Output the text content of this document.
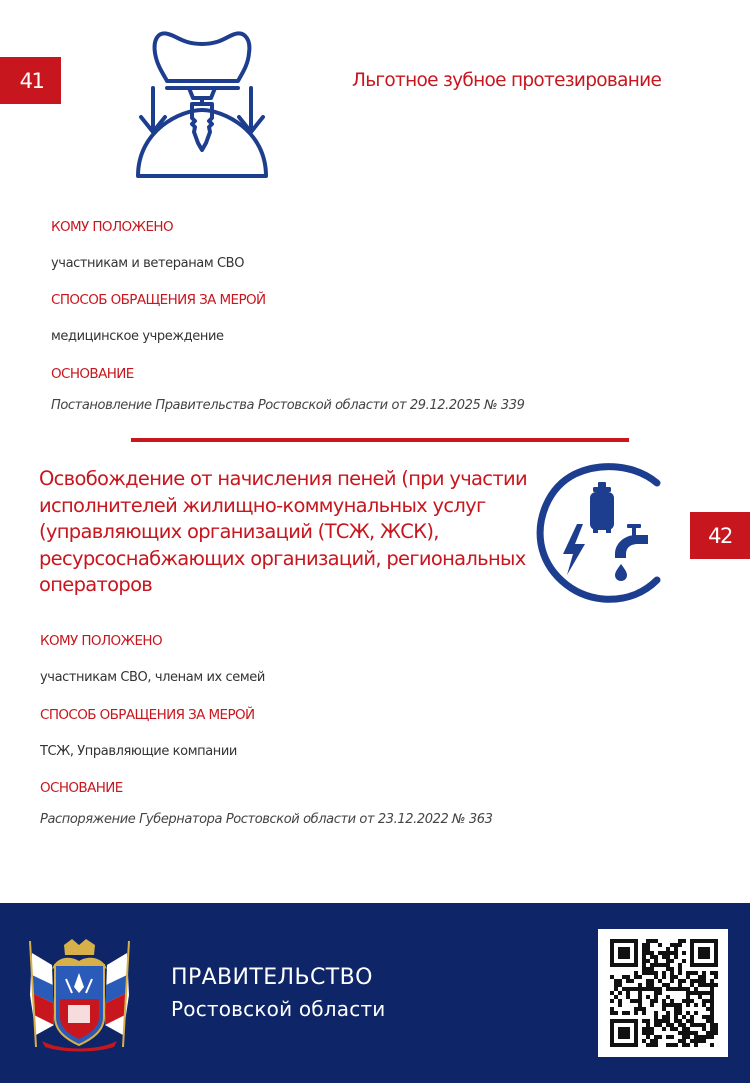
41	Льготное зубное протезирование
КОМУ ПОЛОЖЕНО
участникам и ветеранам СВО
СПОСОБ ОБРАЩЕНИЯ ЗА МЕРОЙ
медицинское учреждение
ОСНОВАНИЕ
Постановление Правительства Ростовской области от 29.12.2025 № 339
Освобождение от начисления пеней (при участии
исполнителей жилищно-коммунальных услуг
(управляющих организаций (ТСЖ, ЖСК),
ресурсоснабжающих организаций, региональных
операторов
42
КОМУ ПОЛОЖЕНО
участникам СВО, членам их семей
СПОСОБ ОБРАЩЕНИЯ ЗА МЕРОЙ
ТСЖ, Управляющие компании
ОСНОВАНИЕ
Распоряжение Губернатора Ростовской области от 23.12.2022 № 363
ПРАВИТЕЛЬСТВО
Ростовской области
